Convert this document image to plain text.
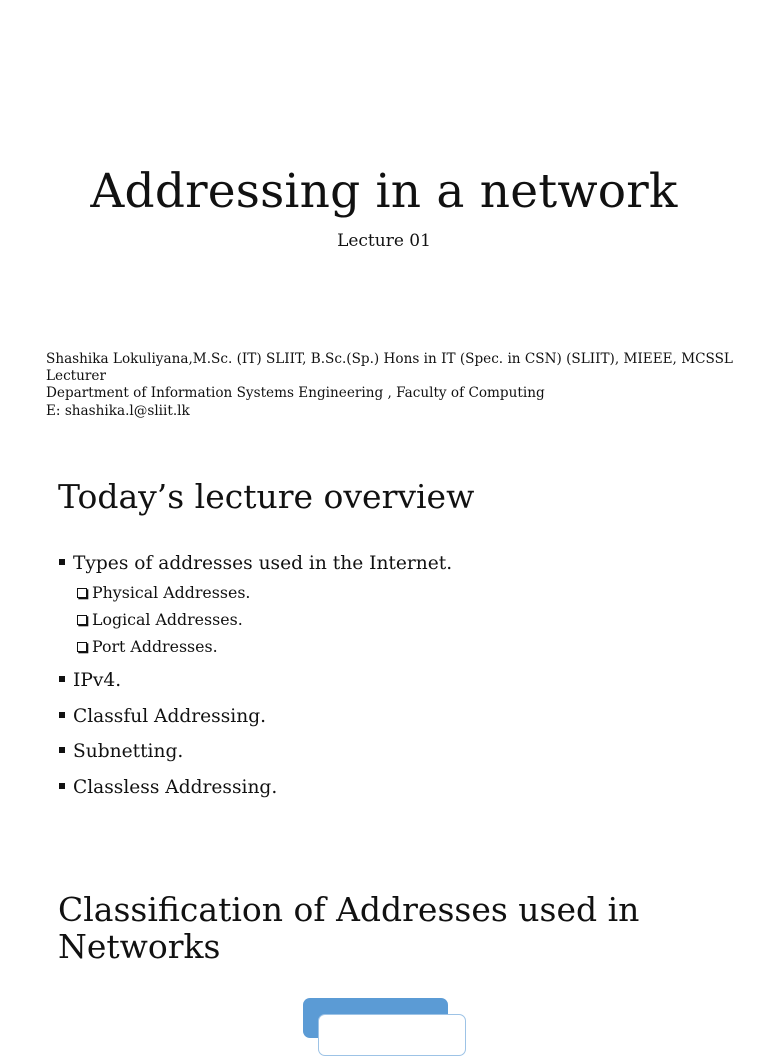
Addressing in a network
Lecture 01
Shashika Lokuliyana,M.Sc. (IT) SLIIT, B.Sc.(Sp.) Hons in IT (Spec. in CSN) (SLIIT), MIEEE, MCSSL
Lecturer
Department of Information Systems Engineering , Faculty of Computing
E: shashika.l@sliit.lk
Today’s lecture overview
Types of addresses used in the Internet.
Physical Addresses.
Logical Addresses.
Port Addresses.
IPv4.
Classful Addressing.
Subnetting.
Classless Addressing.
Classification of Addresses used in Networks
